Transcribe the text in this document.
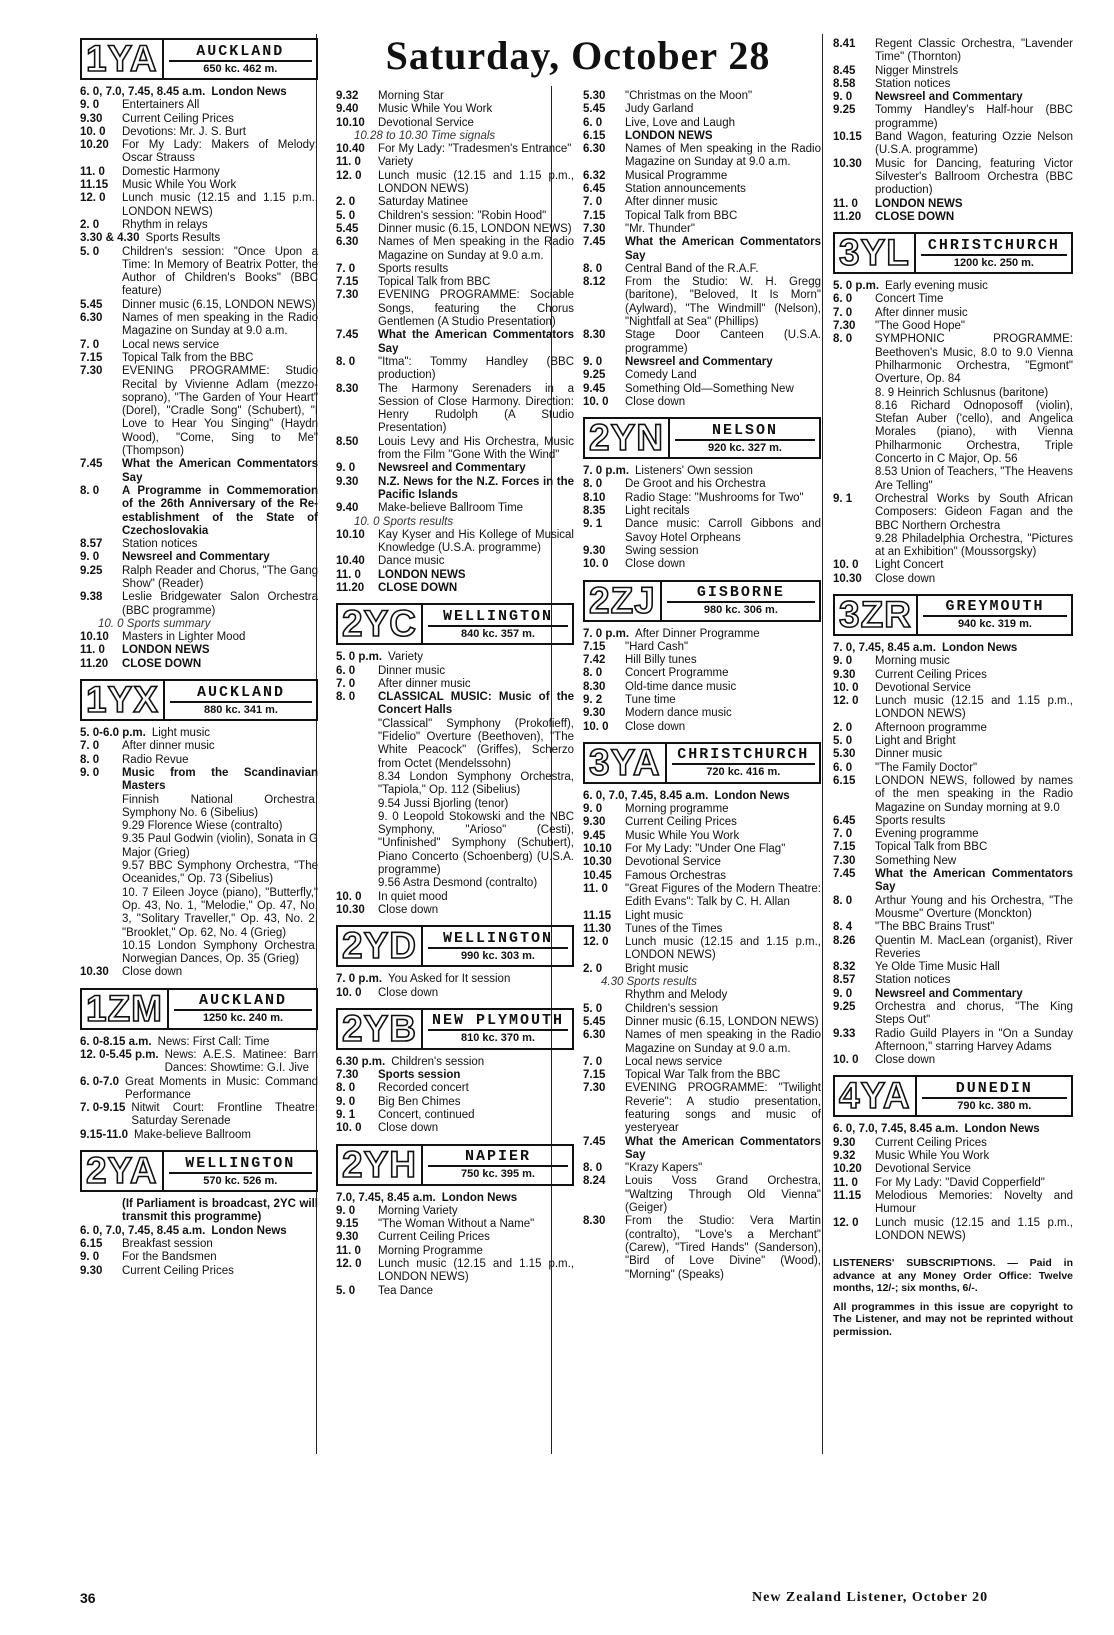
Saturday, October 28
1YA	AUCKLAND
650 kc. 462 m.
6. 0, 7.0, 7.45, 8.45 a.m. London News
9. 0	Entertainers All
9.30	Current Ceiling Prices
10. 0	Devotions: Mr. J. S. Burt
10.20	For My Lady: Makers of Melody: Oscar Strauss
11. 0	Domestic Harmony
11.15	Music While You Work
12. 0	Lunch music (12.15 and 1.15 p.m., LONDON NEWS)
2. 0	Rhythm in relays
3.30 & 4.30 Sports Results
5. 0	Children's session: "Once Upon a Time: In Memory of Beatrix Potter, the Author of Children's Books" (BBC feature)
5.45	Dinner music (6.15, LONDON NEWS)
6.30	Names of men speaking in the Radio Magazine on Sunday at 9.0 a.m.
7. 0	Local news service
7.15	Topical Talk from the BBC
7.30	EVENING PROGRAMME: Studio Recital by Vivienne Adlam (mezzo-soprano), "The Garden of Your Heart" (Dorel), "Cradle Song" (Schubert), "I Love to Hear You Singing" (Haydn Wood), "Come, Sing to Me" (Thompson)
7.45	What the American Commentators Say
8. 0	A Programme in Commemoration of the 26th Anniversary of the Re-establishment of the State of Czechoslovakia
8.57	Station notices
9. 0	Newsreel and Commentary
9.25	Ralph Reader and Chorus, "The Gang Show" (Reader)
9.38	Leslie Bridgewater Salon Orchestra (BBC programme)
10. 0 Sports summary
10.10	Masters in Lighter Mood
11. 0	LONDON NEWS
11.20	CLOSE DOWN
1YX	AUCKLAND
880 kc. 341 m.
5. 0-6.0 p.m. Light music
7. 0	After dinner music
8. 0	Radio Revue
9. 0	Music from the Scandinavian Masters
Finnish National Orchestra, Symphony No. 6 (Sibelius)
9.29 Florence Wiese (contralto)
9.35 Paul Godwin (violin), Sonata in G Major (Grieg)
9.57 BBC Symphony Orchestra, "The Oceanides," Op. 73 (Sibelius)
10. 7 Eileen Joyce (piano), "Butterfly," Op. 43, No. 1, "Melodie," Op. 47, No. 3, "Solitary Traveller," Op. 43, No. 2, "Brooklet," Op. 62, No. 4 (Grieg)
10.15 London Symphony Orchestra, Norwegian Dances, Op. 35 (Grieg)
10.30	Close down
1ZM	AUCKLAND
1250 kc. 240 m.
6. 0-8.15 a.m. News: First Call: Time
12. 0-5.45 p.m. News: A.E.S. Matinee: Barn Dances: Showtime: G.I. Jive
6. 0-7.0 Great Moments in Music: Command Performance
7. 0-9.15 Nitwit Court: Frontline Theatre: Saturday Serenade
9.15-11.0 Make-believe Ballroom
2YA	WELLINGTON
570 kc. 526 m.
(If Parliament is broadcast, 2YC will transmit this programme)
6. 0, 7.0, 7.45, 8.45 a.m. London News
6.15	Breakfast session
9. 0	For the Bandsmen
9.30	Current Ceiling Prices
9.32	Morning Star
9.40	Music While You Work
10.10	Devotional Service
10.28 to 10.30 Time signals
10.40	For My Lady: "Tradesmen's Entrance"
11. 0	Variety
12. 0	Lunch music (12.15 and 1.15 p.m., LONDON NEWS)
2. 0	Saturday Matinee
5. 0	Children's session: "Robin Hood"
5.45	Dinner music (6.15, LONDON NEWS)
6.30	Names of Men speaking in the Radio Magazine on Sunday at 9.0 a.m.
7. 0	Sports results
7.15	Topical Talk from BBC
7.30	EVENING PROGRAMME: Sociable Songs, featuring the Chorus Gentlemen (A Studio Presentation)
7.45	What the American Commentators Say
8. 0	"Itma": Tommy Handley (BBC production)
8.30	The Harmony Serenaders in a Session of Close Harmony. Direction: Henry Rudolph (A Studio Presentation)
8.50	Louis Levy and His Orchestra, Music from the Film "Gone With the Wind"
9. 0	Newsreel and Commentary
9.30	N.Z. News for the N.Z. Forces in the Pacific Islands
9.40	Make-believe Ballroom Time
10. 0 Sports results
10.10	Kay Kyser and His Kollege of Musical Knowledge (U.S.A. programme)
10.40	Dance music
11. 0	LONDON NEWS
11.20	CLOSE DOWN
2YC	WELLINGTON
840 kc. 357 m.
5. 0 p.m. Variety
6. 0	Dinner music
7. 0	After dinner music
8. 0	CLASSICAL MUSIC: Music of the Concert Halls
"Classical" Symphony (Prokofieff), "Fidelio" Overture (Beethoven), "The White Peacock" (Griffes), Scherzo from Octet (Mendelssohn)
8.34 London Symphony Orchestra, "Tapiola," Op. 112 (Sibelius)
9.54 Jussi Bjorling (tenor)
9. 0 Leopold Stokowski and the NBC Symphony, "Arioso" (Cesti), "Unfinished" Symphony (Schubert), Piano Concerto (Schoenberg) (U.S.A. programme)
9.56 Astra Desmond (contralto)
10. 0	In quiet mood
10.30	Close down
2YD	WELLINGTON
990 kc. 303 m.
7. 0 p.m. You Asked for It session
10. 0	Close down
2YB NEW PLYMOUTH
810 kc. 370 m.
6.30 p.m. Children's session
7.30	Sports session
8. 0	Recorded concert
9. 0	Big Ben Chimes
9. 1	Concert, continued
10. 0	Close down
2YH	NAPIER
750 kc. 395 m.
7.0, 7.45, 8.45 a.m. London News
9. 0	Morning Variety
9.15	"The Woman Without a Name"
9.30	Current Ceiling Prices
11. 0	Morning Programme
12. 0	Lunch music (12.15 and 1.15 p.m., LONDON NEWS)
5. 0	Tea Dance
5.30	"Christmas on the Moon"
5.45	Judy Garland
6. 0	Live, Love and Laugh
6.15	LONDON NEWS
6.30	Names of Men speaking in the Radio Magazine on Sunday at 9.0 a.m.
6.32	Musical Programme
6.45	Station announcements
7. 0	After dinner music
7.15	Topical Talk from BBC
7.30	"Mr. Thunder"
7.45	What the American Commentators Say
8. 0	Central Band of the R.A.F.
8.12	From the Studio: W. H. Gregg (baritone), "Beloved, It Is Morn" (Aylward), "The Windmill" (Nelson), "Nightfall at Sea" (Phillips)
8.30	Stage Door Canteen (U.S.A. programme)
9. 0	Newsreel and Commentary
9.25	Comedy Land
9.45	Something Old—Something New
10. 0	Close down
2YN	NELSON
920 kc. 327 m.
7. 0 p.m. Listeners' Own session
8. 0	De Groot and his Orchestra
8.10	Radio Stage: "Mushrooms for Two"
8.35	Light recitals
9. 1	Dance music: Carroll Gibbons and Savoy Hotel Orpheans
9.30	Swing session
10. 0	Close down
2ZJ	GISBORNE
980 kc. 306 m.
7. 0 p.m. After Dinner Programme
7.15	"Hard Cash"
7.42	Hill Billy tunes
8. 0	Concert Programme
8.30	Old-time dance music
9. 2	Tune time
9.30	Modern dance music
10. 0	Close down
3YA	CHRISTCHURCH
720 kc. 416 m.
6. 0, 7.0, 7.45, 8.45 a.m. London News
9. 0	Morning programme
9.30	Current Ceiling Prices
9.45	Music While You Work
10.10	For My Lady: "Under One Flag"
10.30	Devotional Service
10.45	Famous Orchestras
11. 0	"Great Figures of the Modern Theatre: Edith Evans": Talk by C. H. Allan
11.15	Light music
11.30	Tunes of the Times
12. 0	Lunch music (12.15 and 1.15 p.m., LONDON NEWS)
2. 0	Bright music
4.30 Sports results
Rhythm and Melody
5. 0	Children's session
5.45	Dinner music (6.15, LONDON NEWS)
6.30	Names of men speaking in the Radio Magazine on Sunday at 9.0 a.m.
7. 0	Local news service
7.15	Topical War Talk from the BBC
7.30	EVENING PROGRAMME: "Twilight Reverie": A studio presentation, featuring songs and music of yesteryear
7.45	What the American Commentators Say
8. 0	"Krazy Kapers"
8.24	Louis Voss Grand Orchestra, "Waltzing Through Old Vienna" (Geiger)
8.30	From the Studio: Vera Martin (contralto), "Love's a Merchant" (Carew), "Tired Hands" (Sanderson), "Bird of Love Divine" (Wood), "Morning" (Speaks)
8.41	Regent Classic Orchestra, "Lavender Time" (Thornton)
8.45	Nigger Minstrels
8.58	Station notices
9. 0	Newsreel and Commentary
9.25	Tommy Handley's Half-hour (BBC programme)
10.15	Band Wagon, featuring Ozzie Nelson (U.S.A. programme)
10.30	Music for Dancing, featuring Victor Silvester's Ballroom Orchestra (BBC production)
11. 0	LONDON NEWS
11.20	CLOSE DOWN
3YL	CHRISTCHURCH
1200 kc. 250 m.
5. 0 p.m. Early evening music
6. 0	Concert Time
7. 0	After dinner music
7.30	"The Good Hope"
8. 0	SYMPHONIC PROGRAMME: Beethoven's Music, 8.0 to 9.0 Vienna Philharmonic Orchestra, "Egmont" Overture, Op. 84
8. 9 Heinrich Schlusnus (baritone)
8.16 Richard Odnoposoff (violin), Stefan Auber ('cello), and Angelica Morales (piano), with Vienna Philharmonic Orchestra, Triple Concerto in C Major, Op. 56
8.53 Union of Teachers, "The Heavens Are Telling"
9. 1	Orchestral Works by South African Composers: Gideon Fagan and the BBC Northern Orchestra
9.28 Philadelphia Orchestra, "Pictures at an Exhibition" (Moussorgsky)
10. 0	Light Concert
10.30	Close down
3ZR	GREYMOUTH
940 kc. 319 m.
7. 0, 7.45, 8.45 a.m. London News
9. 0	Morning music
9.30	Current Ceiling Prices
10. 0	Devotional Service
12. 0	Lunch music (12.15 and 1.15 p.m., LONDON NEWS)
2. 0	Afternoon programme
5. 0	Light and Bright
5.30	Dinner music
6. 0	"The Family Doctor"
6.15	LONDON NEWS, followed by names of the men speaking in the Radio Magazine on Sunday morning at 9.0
6.45	Sports results
7. 0	Evening programme
7.15	Topical Talk from BBC
7.30	Something New
7.45	What the American Commentators Say
8. 0	Arthur Young and his Orchestra, "The Mousme" Overture (Monckton)
8. 4	"The BBC Brains Trust"
8.26	Quentin M. MacLean (organist), River Reveries
8.32	Ye Olde Time Music Hall
8.57	Station notices
9. 0	Newsreel and Commentary
9.25	Orchestra and chorus, "The King Steps Out"
9.33	Radio Guild Players in "On a Sunday Afternoon," starring Harvey Adams
10. 0	Close down
4YA	DUNEDIN
790 kc. 380 m.
6. 0, 7.0, 7.45, 8.45 a.m. London News
9.30	Current Ceiling Prices
9.32	Music While You Work
10.20	Devotional Service
11. 0	For My Lady: "David Copperfield"
11.15	Melodious Memories: Novelty and Humour
12. 0	Lunch music (12.15 and 1.15 p.m., LONDON NEWS)
LISTENERS' SUBSCRIPTIONS. — Paid in advance at any Money Order Office: Twelve months, 12/-; six months, 6/-.
All programmes in this issue are copyright to The Listener, and may not be reprinted without permission.
36	New Zealand Listener, October 20
